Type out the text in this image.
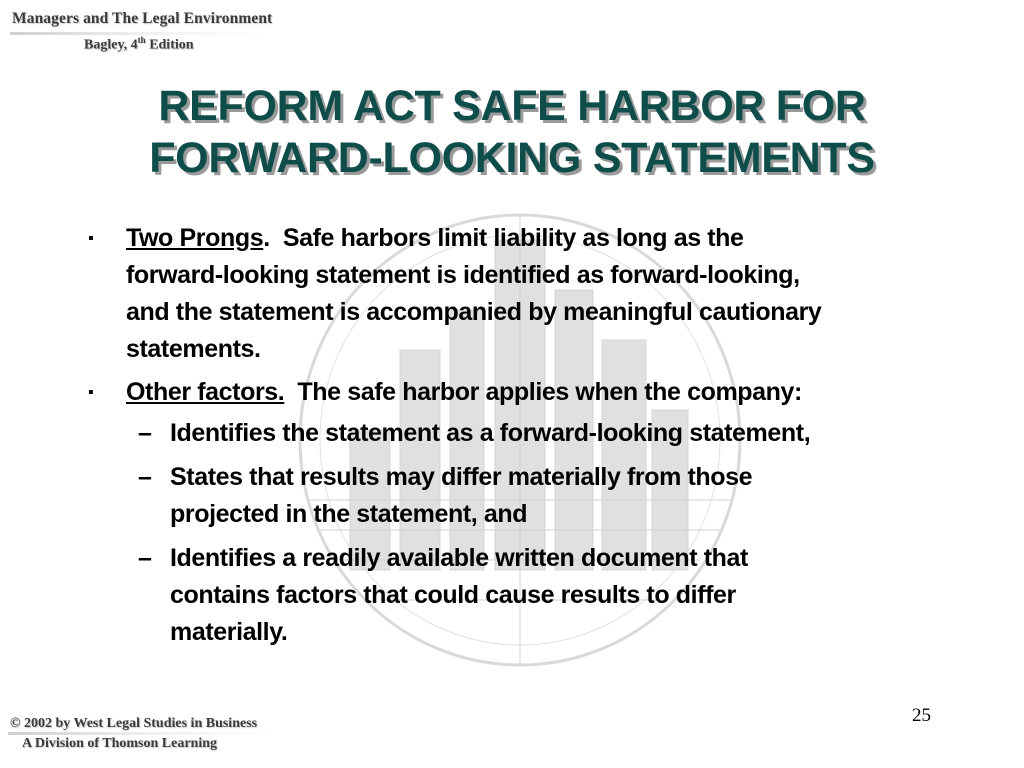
Managers and The Legal Environment
Bagley, 4th Edition
REFORM ACT SAFE HARBOR FOR
FORWARD-LOOKING STATEMENTS
▪ Two Prongs.  Safe harbors limit liability as long as the
forward-looking statement is identified as forward-looking,
and the statement is accompanied by meaningful cautionary
statements.
▪ Other factors.  The safe harbor applies when the company:
– Identifies the statement as a forward-looking statement,
– States that results may differ materially from those
projected in the statement, and
– Identifies a readily available written document that
contains factors that could cause results to differ
materially.
25
© 2002 by West Legal Studies in Business
A Division of Thomson Learning
